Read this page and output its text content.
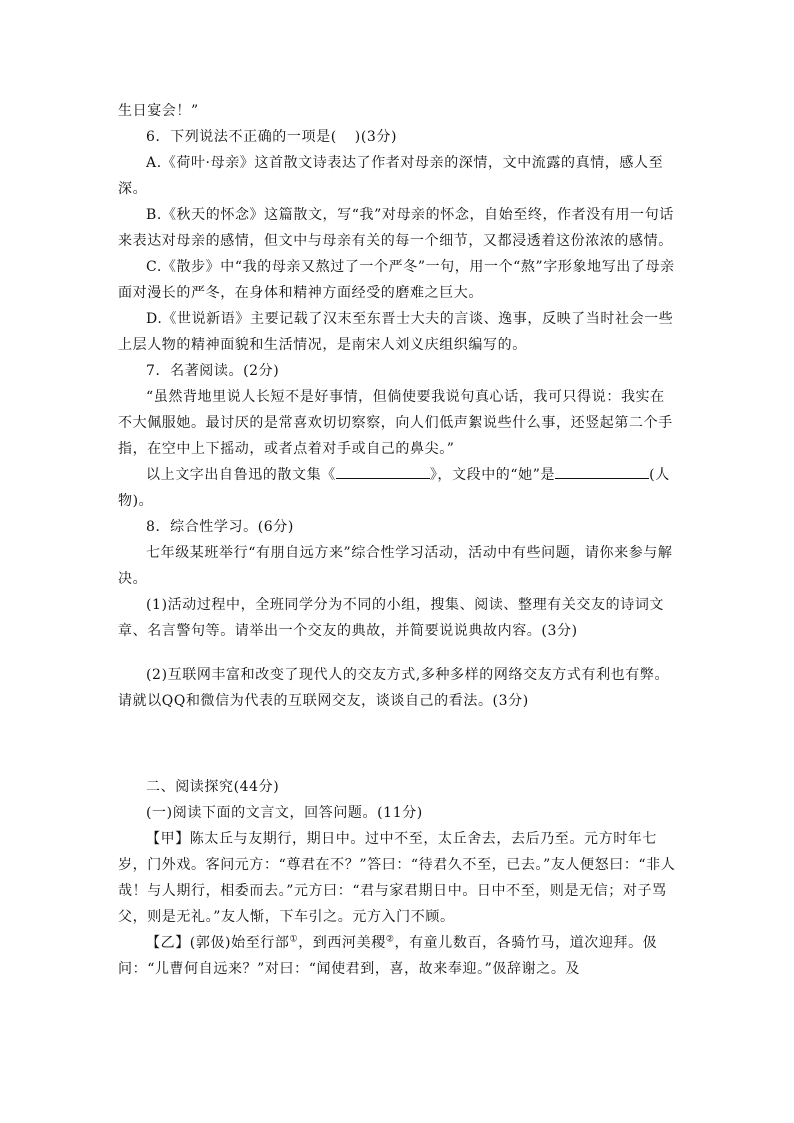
生日宴会！”

6．下列说法不正确的一项是( )(3分)

A.《荷叶·母亲》这首散文诗表达了作者对母亲的深情，文中流露的真情，感人至深。

B.《秋天的怀念》这篇散文，写“我”对母亲的怀念，自始至终，作者没有用一句话来表达对母亲的感情，但文中与母亲有关的每一个细节，又都浸透着这份浓浓的感情。

C.《散步》中“我的母亲又熬过了一个严冬”一句，用一个“熬”字形象地写出了母亲面对漫长的严冬，在身体和精神方面经受的磨难之巨大。

D.《世说新语》主要记载了汉末至东晋士大夫的言谈、逸事，反映了当时社会一些上层人物的精神面貌和生活情况，是南宋人刘义庆组织编写的。

7．名著阅读。(2分)

“虽然背地里说人长短不是好事情，但倘使要我说句真心话，我可只得说：我实在不大佩服她。最讨厌的是常喜欢切切察察，向人们低声絮说些什么事，还竖起第二个手指，在空中上下摇动，或者点着对手或自己的鼻尖。”

以上文字出自鲁迅的散文集《	》，文段中的“她”是	(人物)。

8．综合性学习。(6分)

七年级某班举行“有朋自远方来”综合性学习活动，活动中有些问题，请你来参与解决。

(1)活动过程中，全班同学分为不同的小组，搜集、阅读、整理有关交友的诗词文章、名言警句等。请举出一个交友的典故，并简要说说典故内容。(3分)

(2)互联网丰富和改变了现代人的交友方式,多种多样的网络交友方式有利也有弊。请就以QQ和微信为代表的互联网交友，谈谈自己的看法。(3分)

二、阅读探究(44分)

(一)阅读下面的文言文，回答问题。(11分)

【甲】陈太丘与友期行，期日中。过中不至，太丘舍去，去后乃至。元方时年七岁，门外戏。客问元方：“尊君在不？”答曰：“待君久不至，已去。”友人便怒曰：“非人哉！与人期行，相委而去。”元方曰：“君与家君期日中。日中不至，则是无信；对子骂父，则是无礼。”友人惭，下车引之。元方入门不顾。

【乙】(郭伋)始至行部①，到西河美稷②，有童儿数百，各骑竹马，道次迎拜。伋问：“儿曹何自远来？”对曰：“闻使君到，喜，故来奉迎。”伋辞谢之。及
